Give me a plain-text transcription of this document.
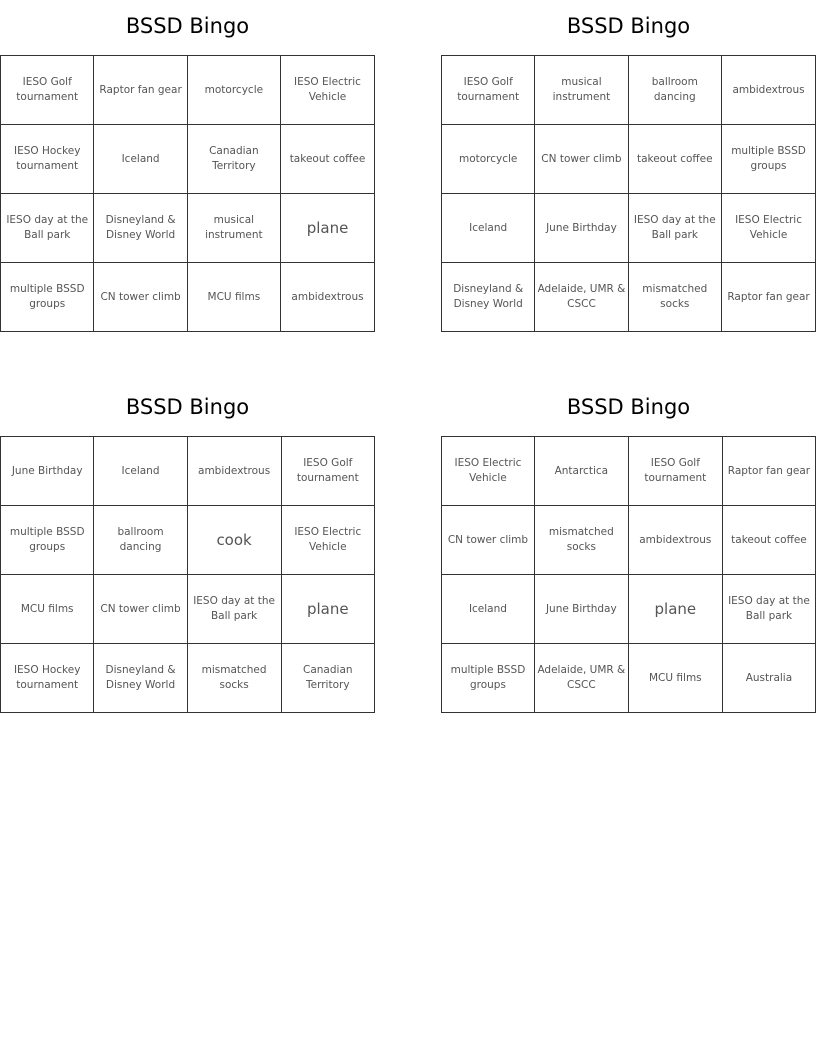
BSSD Bingo
IESO Golf tournament	Raptor fan gear	motorcycle	IESO Electric Vehicle
IESO Hockey tournament	Iceland	Canadian Territory	takeout coffee
IESO day at the Ball park	Disneyland & Disney World	musical instrument	plane
multiple BSSD groups	CN tower climb	MCU films	ambidextrous
BSSD Bingo
IESO Golf tournament	musical instrument	ballroom dancing	ambidextrous
motorcycle	CN tower climb	takeout coffee	multiple BSSD groups
Iceland	June Birthday	IESO day at the Ball park	IESO Electric Vehicle
Disneyland & Disney World	Adelaide, UMR & CSCC	mismatched socks	Raptor fan gear
BSSD Bingo
June Birthday	Iceland	ambidextrous	IESO Golf tournament
multiple BSSD groups	ballroom dancing	cook	IESO Electric Vehicle
MCU films	CN tower climb	IESO day at the Ball park	plane
IESO Hockey tournament	Disneyland & Disney World	mismatched socks	Canadian Territory
BSSD Bingo
IESO Electric Vehicle	Antarctica	IESO Golf tournament	Raptor fan gear
CN tower climb	mismatched socks	ambidextrous	takeout coffee
Iceland	June Birthday	plane	IESO day at the Ball park
multiple BSSD groups	Adelaide, UMR & CSCC	MCU films	Australia
